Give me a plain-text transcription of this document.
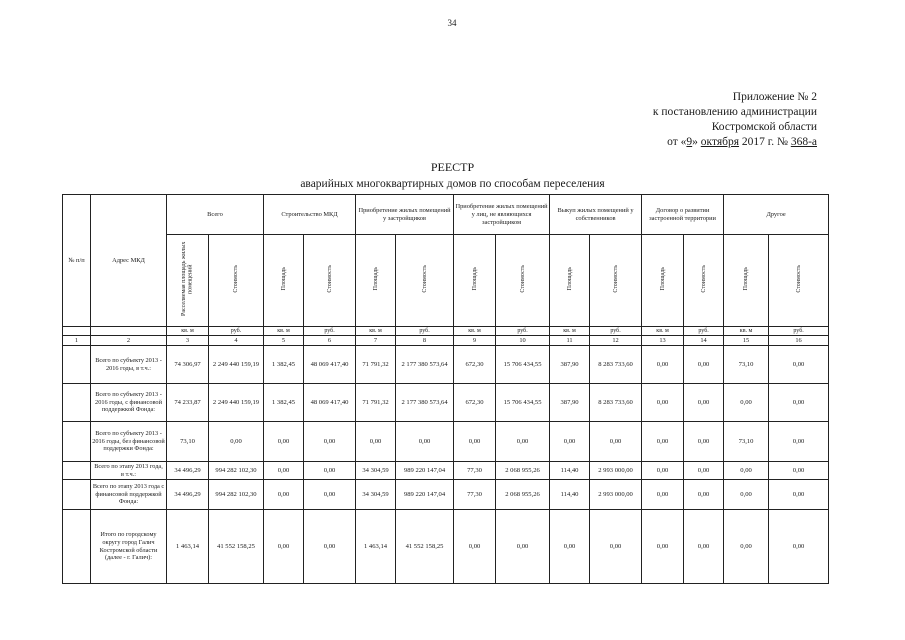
34
Приложение № 2
к постановлению администрации
Костромской области
от «9» октября 2017 г. № 368-а
РЕЕСТР
аварийных многоквартирных домов по способам переселения
№ п/п	Адрес МКД	Всего		Строительство МКД		Приобретение жилых помещений у застройщиков		Приобретение жилых помещений у лиц, не являющихся застройщиком		Выкуп жилых помещений у собственников		Договор о развитии застроенной территории		Другое	
		Расселяемая площадь жилых помещений	Стоимость	Площадь	Стоимость	Площадь	Стоимость	Площадь	Стоимость	Площадь	Стоимость	Площадь	Стоимость	Площадь	Стоимость
		кв. м	руб.	кв. м	руб.	кв. м	руб.	кв. м	руб.	кв. м	руб.	кв. м	руб.	кв. м	руб.
1	2	3	4	5	6	7	8	9	10	11	12	13	14	15	16
	Всего по субъекту 2013 - 2016 годы, в т.ч.:	74 306,97	2 249 440 159,19	1 382,45	48 069 417,40	71 791,32	2 177 380 573,64	672,30	15 706 434,55	387,90	8 283 733,60	0,00	0,00	73,10	0,00
	Всего по субъекту 2013 - 2016 годы, с финансовой поддержкой Фонда:	74 233,87	2 249 440 159,19	1 382,45	48 069 417,40	71 791,32	2 177 380 573,64	672,30	15 706 434,55	387,90	8 283 733,60	0,00	0,00	0,00	0,00
	Всего по субъекту 2013 - 2016 годы, без финансовой поддержки Фонда:	73,10	0,00	0,00	0,00	0,00	0,00	0,00	0,00	0,00	0,00	0,00	0,00	73,10	0,00
	Всего по этапу 2013 года, в т.ч.:	34 496,29	994 282 102,30	0,00	0,00	34 304,59	989 220 147,04	77,30	2 068 955,26	114,40	2 993 000,00	0,00	0,00	0,00	0,00
	Всего по этапу 2013 года с финансовой поддержкой Фонда:	34 496,29	994 282 102,30	0,00	0,00	34 304,59	989 220 147,04	77,30	2 068 955,26	114,40	2 993 000,00	0,00	0,00	0,00	0,00
	Итого по городскому округу город Галич Костромской области (далее - г. Галич):	1 463,14	41 552 158,25	0,00	0,00	1 463,14	41 552 158,25	0,00	0,00	0,00	0,00	0,00	0,00	0,00	0,00
